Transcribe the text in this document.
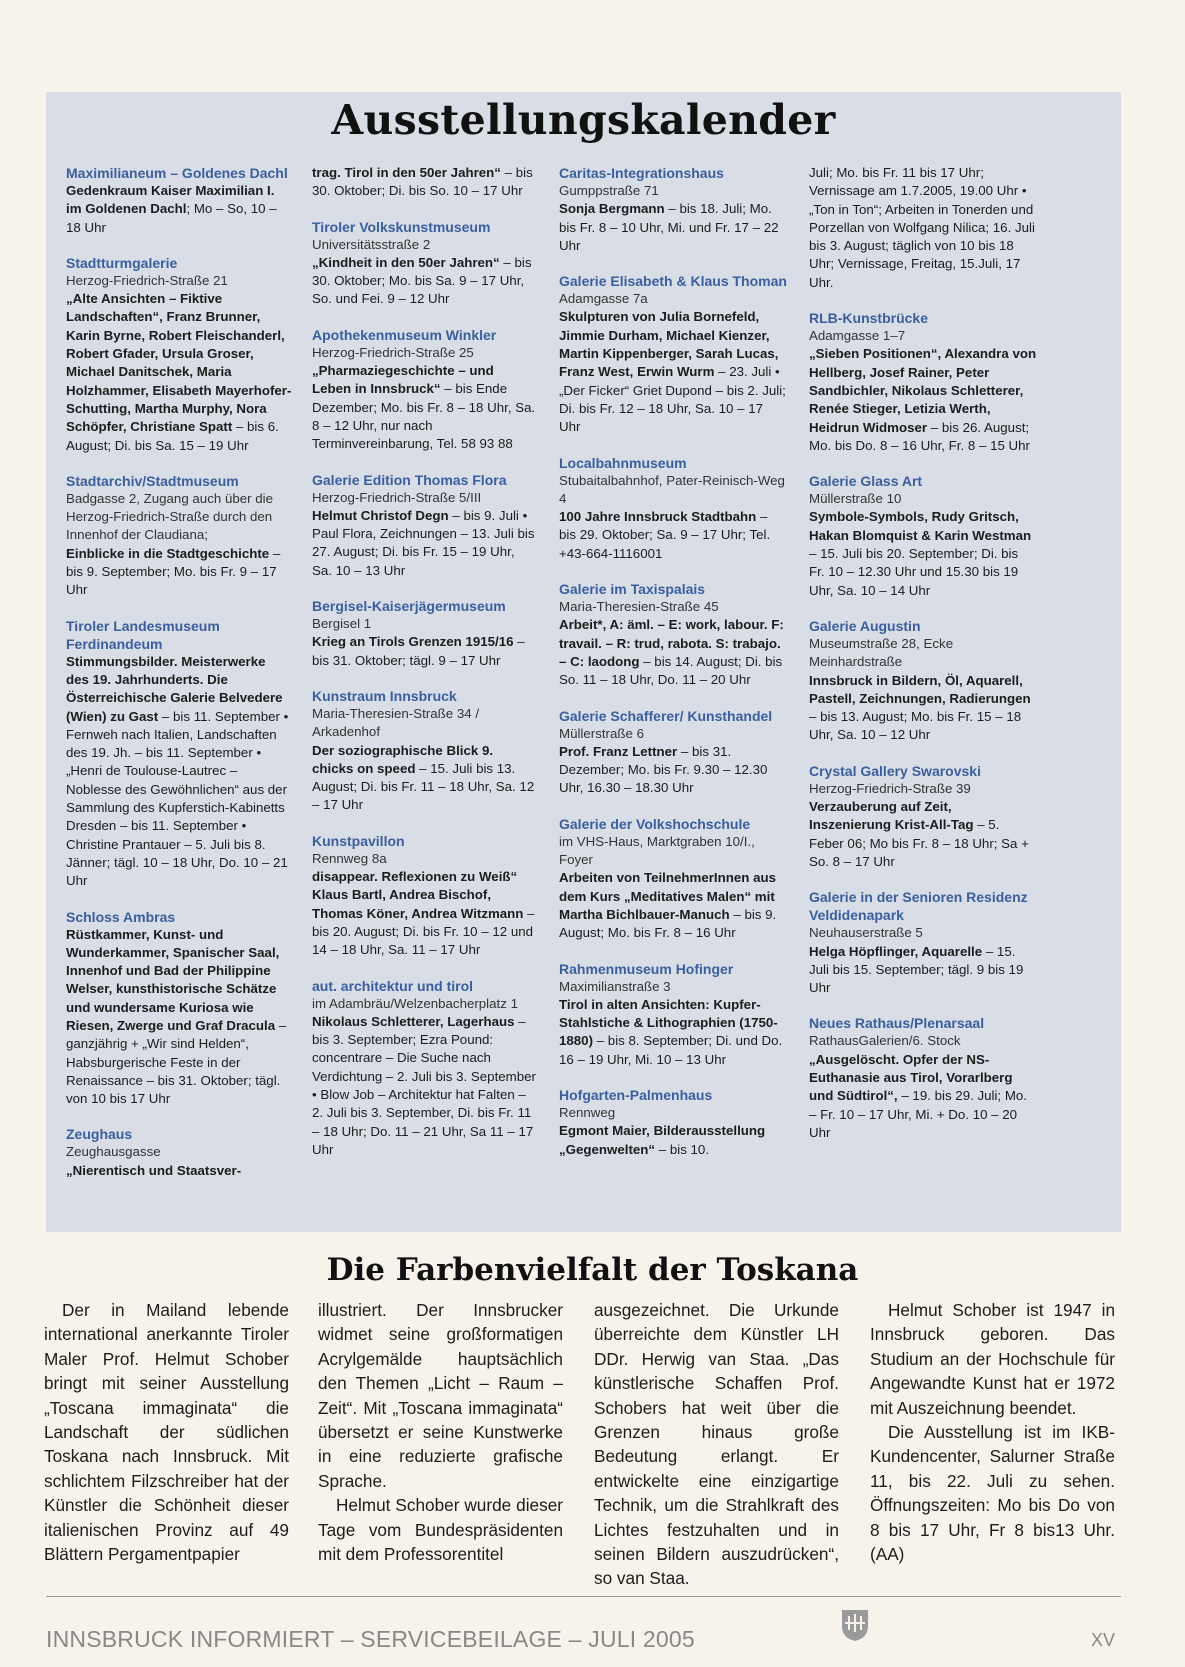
Ausstellungskalender
Maximilianeum – Goldenes Dachl
Gedenkraum Kaiser Maximilian I. im Goldenen Dachl; Mo – So, 10 – 18 Uhr
Stadtturmgalerie
Herzog-Friedrich-Straße 21
„Alte Ansichten – Fiktive Landschaften“, Franz Brunner, Karin Byrne, Robert Fleischanderl, Robert Gfader, Ursula Groser, Michael Danitschek, Maria Holzhammer, Elisabeth Mayerhofer-Schutting, Martha Murphy, Nora Schöpfer, Christiane Spatt – bis 6. August; Di. bis Sa. 15 – 19 Uhr
Stadtarchiv/Stadtmuseum
Badgasse 2, Zugang auch über die Herzog-Friedrich-Straße durch den Innenhof der Claudiana;
Einblicke in die Stadtgeschichte – bis 9. September; Mo. bis Fr. 9 – 17 Uhr
Tiroler Landesmuseum Ferdinandeum
Stimmungsbilder. Meisterwerke des 19. Jahrhunderts. Die Österreichische Galerie Belvedere (Wien) zu Gast – bis 11. September • Fernweh nach Italien, Landschaften des 19. Jh. – bis 11. September • „Henri de Toulouse-Lautrec – Noblesse des Gewöhnlichen“ aus der Sammlung des Kupferstich-Kabinetts Dresden – bis 11. September • Christine Prantauer – 5. Juli bis 8. Jänner; tägl. 10 – 18 Uhr, Do. 10 – 21 Uhr
Schloss Ambras
Rüstkammer, Kunst- und Wunderkammer, Spanischer Saal, Innenhof und Bad der Philippine Welser, kunsthistorische Schätze und wundersame Kuriosa wie Riesen, Zwerge und Graf Dracula – ganzjährig + „Wir sind Helden“, Habsburgerische Feste in der Renaissance – bis 31. Oktober; tägl. von 10 bis 17 Uhr
Zeughaus
Zeughausgasse
„Nierentisch und Staatsver-
trag. Tirol in den 50er Jahren“ – bis 30. Oktober; Di. bis So. 10 – 17 Uhr
Tiroler Volkskunstmuseum
Universitätsstraße 2
„Kindheit in den 50er Jahren“ – bis 30. Oktober; Mo. bis Sa. 9 – 17 Uhr, So. und Fei. 9 – 12 Uhr
Apothekenmuseum Winkler
Herzog-Friedrich-Straße 25
„Pharmaziegeschichte – und Leben in Innsbruck“ – bis Ende Dezember; Mo. bis Fr. 8 – 18 Uhr, Sa. 8 – 12 Uhr, nur nach Terminvereinbarung, Tel. 58 93 88
Galerie Edition Thomas Flora
Herzog-Friedrich-Straße 5/III
Helmut Christof Degn – bis 9. Juli • Paul Flora, Zeichnungen – 13. Juli bis 27. August; Di. bis Fr. 15 – 19 Uhr, Sa. 10 – 13 Uhr
Bergisel-Kaiserjägermuseum
Bergisel 1
Krieg an Tirols Grenzen 1915/16 – bis 31. Oktober; tägl. 9 – 17 Uhr
Kunstraum Innsbruck
Maria-Theresien-Straße 34 / Arkadenhof
Der soziographische Blick 9. chicks on speed – 15. Juli bis 13. August; Di. bis Fr. 11 – 18 Uhr, Sa. 12 – 17 Uhr
Kunstpavillon
Rennweg 8a
disappear. Reflexionen zu Weiß“ Klaus Bartl, Andrea Bischof, Thomas Köner, Andrea Witzmann – bis 20. August; Di. bis Fr. 10 – 12 und 14 – 18 Uhr, Sa. 11 – 17 Uhr
aut. architektur und tirol
im Adambräu/Welzenbacherplatz 1
Nikolaus Schletterer, Lagerhaus – bis 3. September; Ezra Pound: concentrare – Die Suche nach Verdichtung – 2. Juli bis 3. September • Blow Job – Architektur hat Falten – 2. Juli bis 3. September, Di. bis Fr. 11 – 18 Uhr; Do. 11 – 21 Uhr, Sa 11 – 17 Uhr
Caritas-Integrationshaus
Gumppstraße 71
Sonja Bergmann – bis 18. Juli; Mo. bis Fr. 8 – 10 Uhr, Mi. und Fr. 17 – 22 Uhr
Galerie Elisabeth & Klaus Thoman
Adamgasse 7a
Skulpturen von Julia Bornefeld, Jimmie Durham, Michael Kienzer, Martin Kippenberger, Sarah Lucas, Franz West, Erwin Wurm – 23. Juli • „Der Ficker“ Griet Dupond – bis 2. Juli; Di. bis Fr. 12 – 18 Uhr, Sa. 10 – 17 Uhr
Localbahnmuseum
Stubaitalbahnhof, Pater-Reinisch-Weg 4
100 Jahre Innsbruck Stadtbahn – bis 29. Oktober; Sa. 9 – 17 Uhr; Tel. +43-664-1116001
Galerie im Taxispalais
Maria-Theresien-Straße 45
Arbeit*, A: äml. – E: work, labour. F: travail. – R: trud, rabota. S: trabajo. – C: laodong – bis 14. August; Di. bis So. 11 – 18 Uhr, Do. 11 – 20 Uhr
Galerie Schafferer/ Kunsthandel
Müllerstraße 6
Prof. Franz Lettner – bis 31. Dezember; Mo. bis Fr. 9.30 – 12.30 Uhr, 16.30 – 18.30 Uhr
Galerie der Volkshochschule
im VHS-Haus, Marktgraben 10/I., Foyer
Arbeiten von TeilnehmerInnen aus dem Kurs „Meditatives Malen“ mit Martha Bichlbauer-Manuch – bis 9. August; Mo. bis Fr. 8 – 16 Uhr
Rahmenmuseum Hofinger
Maximilianstraße 3
Tirol in alten Ansichten: Kupfer-Stahlstiche & Lithographien (1750-1880) – bis 8. September; Di. und Do. 16 – 19 Uhr, Mi. 10 – 13 Uhr
Hofgarten-Palmenhaus
Rennweg
Egmont Maier, Bilderausstellung „Gegenwelten“ – bis 10.
Juli; Mo. bis Fr. 11 bis 17 Uhr; Vernissage am 1.7.2005, 19.00 Uhr • „Ton in Ton“; Arbeiten in Tonerden und Porzellan von Wolfgang Nilica; 16. Juli bis 3. August; täglich von 10 bis 18 Uhr; Vernissage, Freitag, 15.Juli, 17 Uhr.
RLB-Kunstbrücke
Adamgasse 1–7
„Sieben Positionen“, Alexandra von Hellberg, Josef Rainer, Peter Sandbichler, Nikolaus Schletterer, Renée Stieger, Letizia Werth, Heidrun Widmoser – bis 26. August; Mo. bis Do. 8 – 16 Uhr, Fr. 8 – 15 Uhr
Galerie Glass Art
Müllerstraße 10
Symbole-Symbols, Rudy Gritsch, Hakan Blomquist & Karin Westman – 15. Juli bis 20. September; Di. bis Fr. 10 – 12.30 Uhr und 15.30 bis 19 Uhr, Sa. 10 – 14 Uhr
Galerie Augustin
Museumstraße 28, Ecke Meinhardstraße
Innsbruck in Bildern, Öl, Aquarell, Pastell, Zeichnungen, Radierungen – bis 13. August; Mo. bis Fr. 15 – 18 Uhr, Sa. 10 – 12 Uhr
Crystal Gallery Swarovski
Herzog-Friedrich-Straße 39
Verzauberung auf Zeit, Inszenierung Krist-All-Tag – 5. Feber 06; Mo bis Fr. 8 – 18 Uhr; Sa + So. 8 – 17 Uhr
Galerie in der Senioren Residenz Veldidenapark
Neuhauserstraße 5
Helga Höpflinger, Aquarelle – 15. Juli bis 15. September; tägl. 9 bis 19 Uhr
Neues Rathaus/Plenarsaal
RathausGalerien/6. Stock
„Ausgelöscht. Opfer der NS-Euthanasie aus Tirol, Vorarlberg und Südtirol“, – 19. bis 29. Juli; Mo. – Fr. 10 – 17 Uhr, Mi. + Do. 10 – 20 Uhr
Die Farbenvielfalt der Toskana

Der in Mailand lebende international anerkannte Tiroler Maler Prof. Helmut Schober bringt mit seiner Ausstellung „Toscana immaginata“ die Landschaft der südlichen Toskana nach Innsbruck. Mit schlichtem Filzschreiber hat der Künstler die Schönheit dieser italienischen Provinz auf 49 Blättern Pergamentpapier

illustriert. Der Innsbrucker widmet seine großformatigen Acrylgemälde hauptsächlich den Themen „Licht – Raum – Zeit“. Mit „Toscana immaginata“ übersetzt er seine Kunstwerke in eine reduzierte grafische Sprache.

Helmut Schober wurde dieser Tage vom Bundespräsidenten mit dem Professorentitel

ausgezeichnet. Die Urkunde überreichte dem Künstler LH DDr. Herwig van Staa. „Das künstlerische Schaffen Prof. Schobers hat weit über die Grenzen hinaus große Bedeutung erlangt. Er entwickelte eine einzigartige Technik, um die Strahlkraft des Lichtes festzuhalten und in seinen Bildern auszudrücken“, so van Staa.

Helmut Schober ist 1947 in Innsbruck geboren. Das Studium an der Hochschule für Angewandte Kunst hat er 1972 mit Auszeichnung beendet.

Die Ausstellung ist im IKB-Kundencenter, Salurner Straße 11, bis 22. Juli zu sehen. Öffnungszeiten: Mo bis Do von 8 bis 17 Uhr, Fr 8 bis13 Uhr. (AA)

INNSBRUCK INFORMIERT – SERVICEBEILAGE – JULI 2005	XV
